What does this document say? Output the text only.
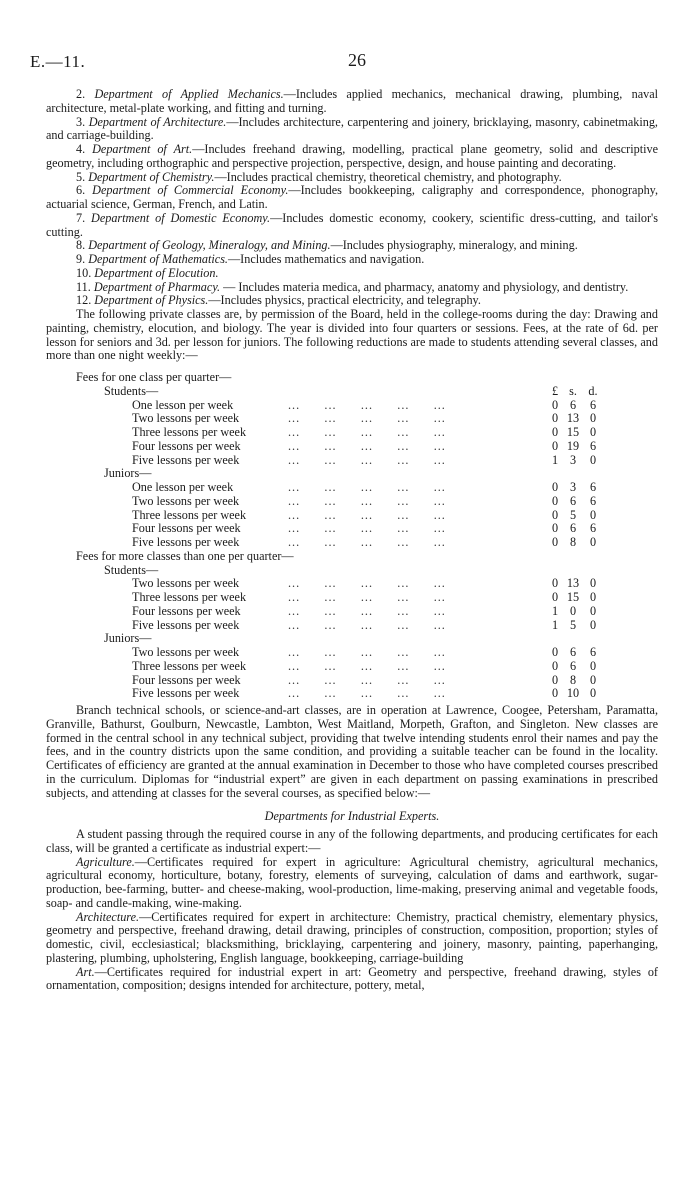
E.—11.	26

2. Department of Applied Mechanics.—Includes applied mechanics, mechanical drawing, plumbing, naval architecture, metal-plate working, and fitting and turning.

3. Department of Architecture.—Includes architecture, carpentering and joinery, bricklaying, masonry, cabinetmaking, and carriage-building.

4. Department of Art.—Includes freehand drawing, modelling, practical plane geometry, solid and descriptive geometry, including orthographic and perspective projection, perspective, design, and house painting and decorating.

5. Department of Chemistry.—Includes practical chemistry, theoretical chemistry, and photography.

6. Department of Commercial Economy.—Includes bookkeeping, caligraphy and correspondence, phonography, actuarial science, German, French, and Latin.

7. Department of Domestic Economy.—Includes domestic economy, cookery, scientific dress-cutting, and tailor's cutting.

8. Department of Geology, Mineralogy, and Mining.—Includes physiography, mineralogy, and mining.

9. Department of Mathematics.—Includes mathematics and navigation.

10. Department of Elocution.

11. Department of Pharmacy. — Includes materia medica, and pharmacy, anatomy and physiology, and dentistry.

12. Department of Physics.—Includes physics, practical electricity, and telegraphy.

The following private classes are, by permission of the Board, held in the college-rooms during the day: Drawing and painting, chemistry, elocution, and biology. The year is divided into four quarters or sessions. Fees, at the rate of 6d. per lesson for seniors and 3d. per lesson for juniors. The following reductions are made to students attending several classes, and more than one night weekly:—

Fees for one class per quarter—
Students—	£ s. d.
One lesson per week	...      ...      ...      ...      ...	0 6 6
Two lessons per week	...      ...      ...      ...      ...	0 13 0
Three lessons per week	...      ...      ...      ...      ...	0 15 0
Four lessons per week	...      ...      ...      ...      ...	0 19 6
Five lessons per week	...      ...      ...      ...      ...	1 3 0
Juniors—
One lesson per week	...      ...      ...      ...      ...	0 3 6
Two lessons per week	...      ...      ...      ...      ...	0 6 6
Three lessons per week	...      ...      ...      ...      ...	0 5 0
Four lessons per week	...      ...      ...      ...      ...	0 6 6
Five lessons per week	...      ...      ...      ...      ...	0 8 0
Fees for more classes than one per quarter—
Students—
Two lessons per week	...      ...      ...      ...      ...	0 13 0
Three lessons per week	...      ...      ...      ...      ...	0 15 0
Four lessons per week	...      ...      ...      ...      ...	1 0 0
Five lessons per week	...      ...      ...      ...      ...	1 5 0
Juniors—
Two lessons per week	...      ...      ...      ...      ...	0 6 6
Three lessons per week	...      ...      ...      ...      ...	0 6 0
Four lessons per week	...      ...      ...      ...      ...	0 8 0
Five lessons per week	...      ...      ...      ...      ...	0 10 0

Branch technical schools, or science-and-art classes, are in operation at Lawrence, Coogee, Petersham, Paramatta, Granville, Bathurst, Goulburn, Newcastle, Lambton, West Maitland, Morpeth, Grafton, and Singleton. New classes are formed in the central school in any technical subject, providing that twelve intending students enrol their names and pay the fees, and in the country districts upon the same condition, and providing a suitable teacher can be found in the locality. Certificates of efficiency are granted at the annual examination in December to those who have completed courses prescribed in the curriculum. Diplomas for “industrial expert” are given in each department on passing examinations in prescribed subjects, and attending at classes for the several courses, as specified below:—

Departments for Industrial Experts.

A student passing through the required course in any of the following departments, and producing certificates for each class, will be granted a certificate as industrial expert:—

Agriculture.—Certificates required for expert in agriculture: Agricultural chemistry, agricultural mechanics, agricultural economy, horticulture, botany, forestry, elements of surveying, calculation of dams and earthwork, sugar-production, bee-farming, butter- and cheese-making, wool-production, lime-making, preserving animal and vegetable foods, soap- and candle-making, wine-making.

Architecture.—Certificates required for expert in architecture: Chemistry, practical chemistry, elementary physics, geometry and perspective, freehand drawing, detail drawing, principles of construction, composition, proportion; styles of domestic, civil, ecclesiastical; blacksmithing, bricklaying, carpentering and joinery, masonry, painting, paperhanging, plastering, plumbing, upholstering, English language, bookkeeping, carriage-building

Art.—Certificates required for industrial expert in art: Geometry and perspective, freehand drawing, styles of ornamentation, composition; designs intended for architecture, pottery, metal,
